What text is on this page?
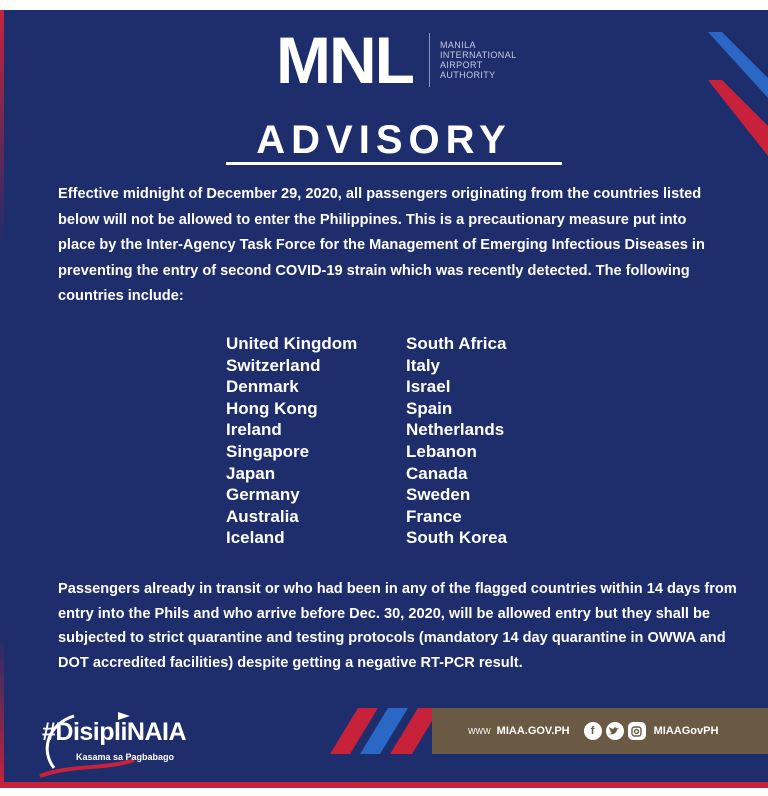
MNL	MANILA
INTERNATIONAL
AIRPORT
AUTHORITY
ADVISORY
Effective midnight of December 29, 2020, all passengers originating from the countries listed below will not be allowed to enter the Philippines. This is a precautionary measure put into place by the Inter-Agency Task Force for the Management of Emerging Infectious Diseases in preventing the entry of second COVID-19 strain which was recently detected. The following countries include:
United Kingdom
Switzerland
Denmark
Hong Kong
Ireland
Singapore
Japan
Germany
Australia
Iceland
South Africa
Italy
Israel
Spain
Netherlands
Lebanon
Canada
Sweden
France
South Korea
Passengers already in transit or who had been in any of the flagged countries within 14 days from entry into the Phils and who arrive before Dec. 30, 2020, will be allowed entry but they shall be subjected to strict quarantine and testing protocols (mandatory 14 day quarantine in OWWA and DOT accredited facilities) despite getting a negative RT-PCR result.
#DisipliNAIA
Kasama sa Pagbabago
WWW MIAA.GOV.PH	f	MIAAGovPH
